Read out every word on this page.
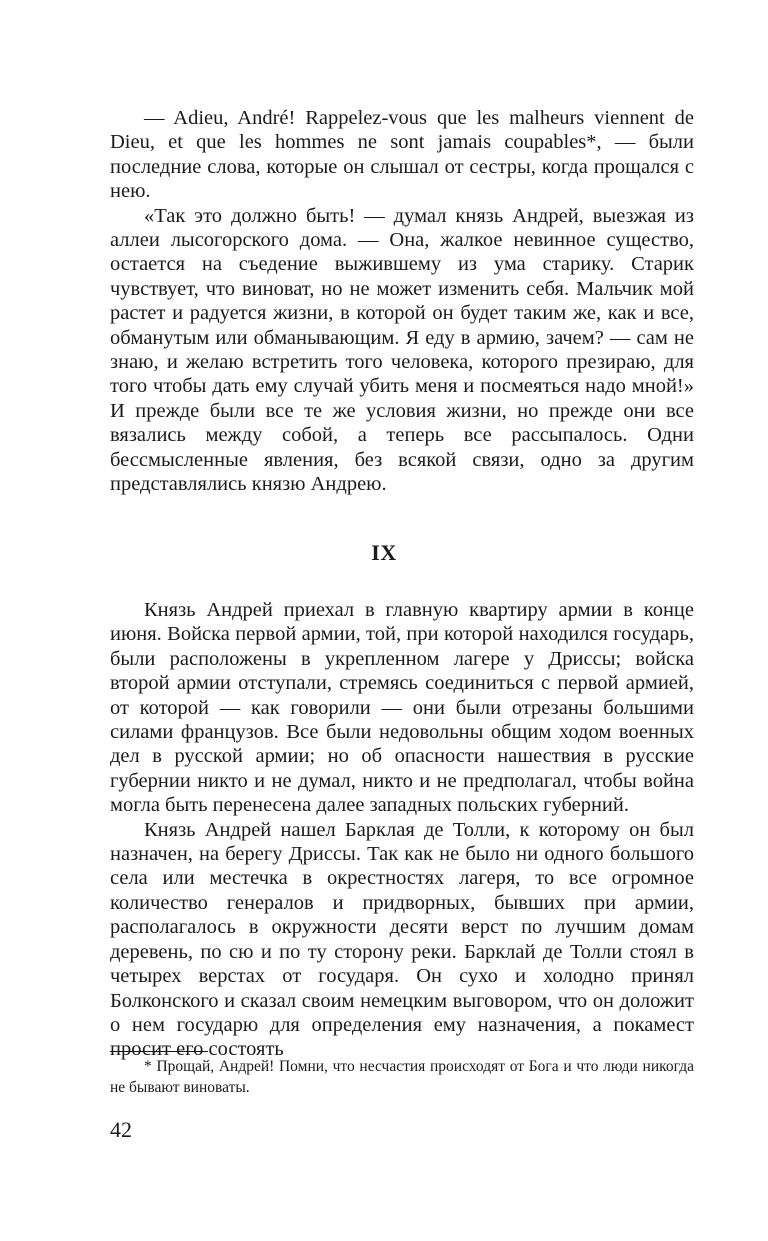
— Adieu, André! Rappelez-vous que les malheurs viennent de Dieu, et que les hommes ne sont jamais coupables*, — были последние слова, которые он слышал от сестры, когда прощался с нею.

«Так это должно быть! — думал князь Андрей, выезжая из аллеи лысогорского дома. — Она, жалкое невинное существо, остается на съедение выжившему из ума старику. Старик чувствует, что виноват, но не может изменить себя. Мальчик мой растет и радуется жизни, в которой он будет таким же, как и все, обманутым или обманывающим. Я еду в армию, зачем? — сам не знаю, и желаю встретить того человека, которого презираю, для того чтобы дать ему случай убить меня и посмеяться надо мной!» И прежде были все те же условия жизни, но прежде они все вязались между собой, а теперь все рассыпалось. Одни бессмысленные явления, без всякой связи, одно за другим представлялись князю Андрею.

IX

Князь Андрей приехал в главную квартиру армии в конце июня. Войска первой армии, той, при которой находился государь, были расположены в укрепленном лагере у Дриссы; войска второй армии отступали, стремясь соединиться с первой армией, от которой — как говорили — они были отрезаны большими силами французов. Все были недовольны общим ходом военных дел в русской армии; но об опасности нашествия в русские губернии никто и не думал, никто и не предполагал, чтобы война могла быть перенесена далее западных польских губерний.

Князь Андрей нашел Барклая де Толли, к которому он был назначен, на берегу Дриссы. Так как не было ни одного большого села или местечка в окрестностях лагеря, то все огромное количество генералов и придворных, бывших при армии, располагалось в окружности десяти верст по лучшим домам деревень, по сю и по ту сторону реки. Барклай де Толли стоял в четырех верстах от государя. Он сухо и холодно принял Болконского и сказал своим немецким выговором, что он доложит о нем государю для определения ему назначения, а покамест просит его состоять

* Прощай, Андрей! Помни, что несчастия происходят от Бога и что люди никогда не бывают виноваты.

42
